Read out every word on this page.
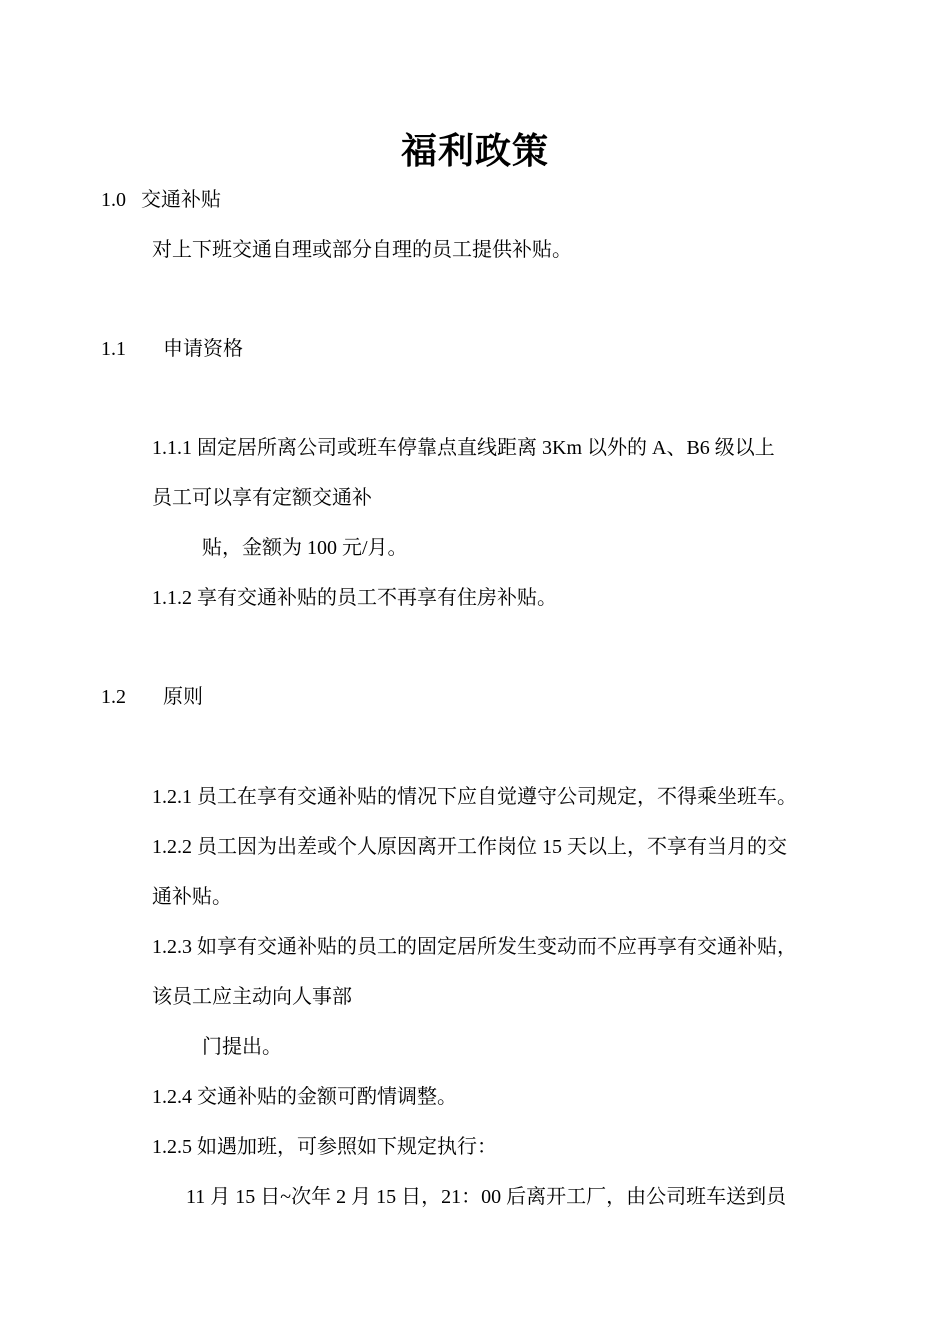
福利政策
1.0 交通补贴
对上下班交通自理或部分自理的员工提供补贴。
1.1 申请资格
1.1.1 固定居所离公司或班车停靠点直线距离 3Km 以外的 A、B6 级以上
员工可以享有定额交通补
贴，金额为 100 元/月。
1.1.2 享有交通补贴的员工不再享有住房补贴。
1.2 原则
1.2.1 员工在享有交通补贴的情况下应自觉遵守公司规定，不得乘坐班车。
1.2.2 员工因为出差或个人原因离开工作岗位 15 天以上，不享有当月的交
通补贴。
1.2.3 如享有交通补贴的员工的固定居所发生变动而不应再享有交通补贴，
该员工应主动向人事部
门提出。
1.2.4 交通补贴的金额可酌情调整。
1.2.5 如遇加班，可参照如下规定执行：
11 月 15 日~次年 2 月 15 日，21：00 后离开工厂，由公司班车送到员
